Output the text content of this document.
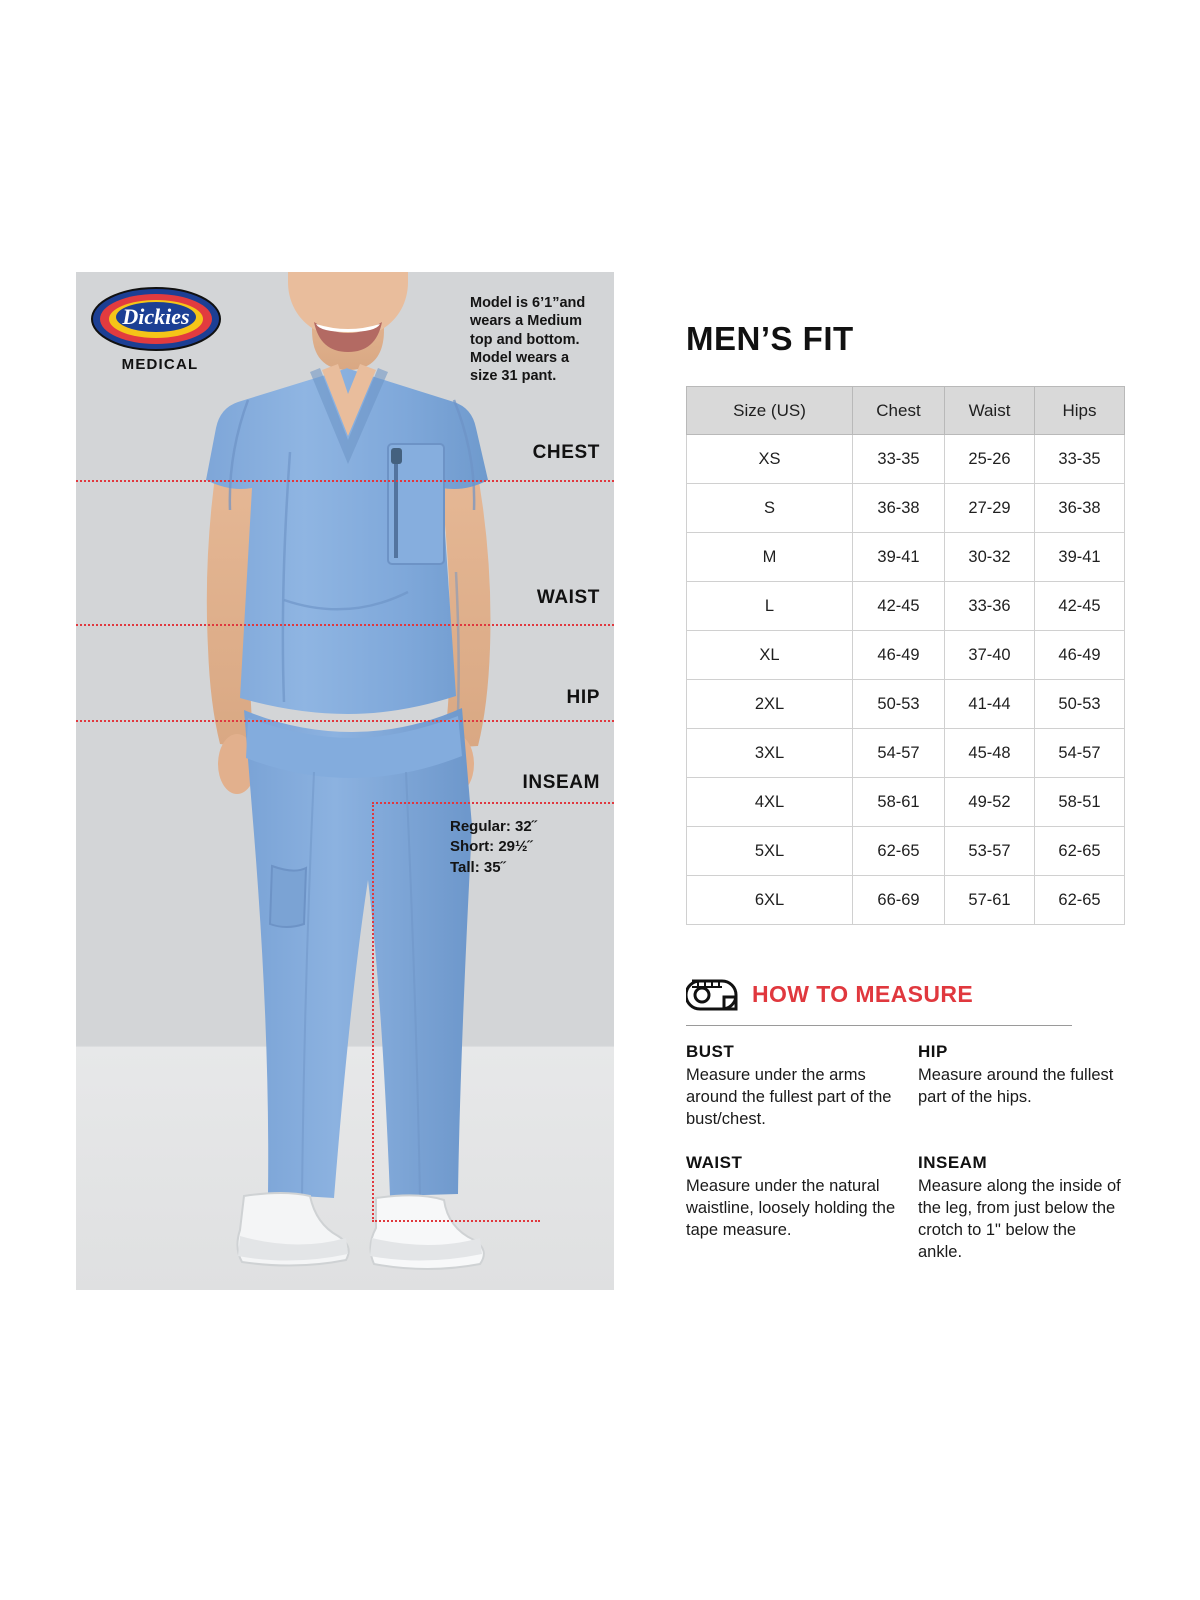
Dickies
MEDICAL
Model is 6’1”and wears a Medium top and bottom. Model wears a size 31 pant.
CHEST
WAIST
HIP
INSEAM
Regular: 32˝
Short: 29½˝
Tall: 35˝
MEN’S FIT
Size (US)	Chest	Waist	Hips
XS	33-35	25-26	33-35
S	36-38	27-29	36-38
M	39-41	30-32	39-41
L	42-45	33-36	42-45
XL	46-49	37-40	46-49
2XL	50-53	41-44	50-53
3XL	54-57	45-48	54-57
4XL	58-61	49-52	58-51
5XL	62-65	53-57	62-65
6XL	66-69	57-61	62-65
HOW TO MEASURE
BUST

Measure under the arms around the fullest part of the bust/chest.

HIP

Measure around the fullest part of the hips.

WAIST

Measure under the natural waistline, loosely holding the tape measure.

INSEAM

Measure along the inside of the leg, from just below the crotch to 1" below the ankle.
